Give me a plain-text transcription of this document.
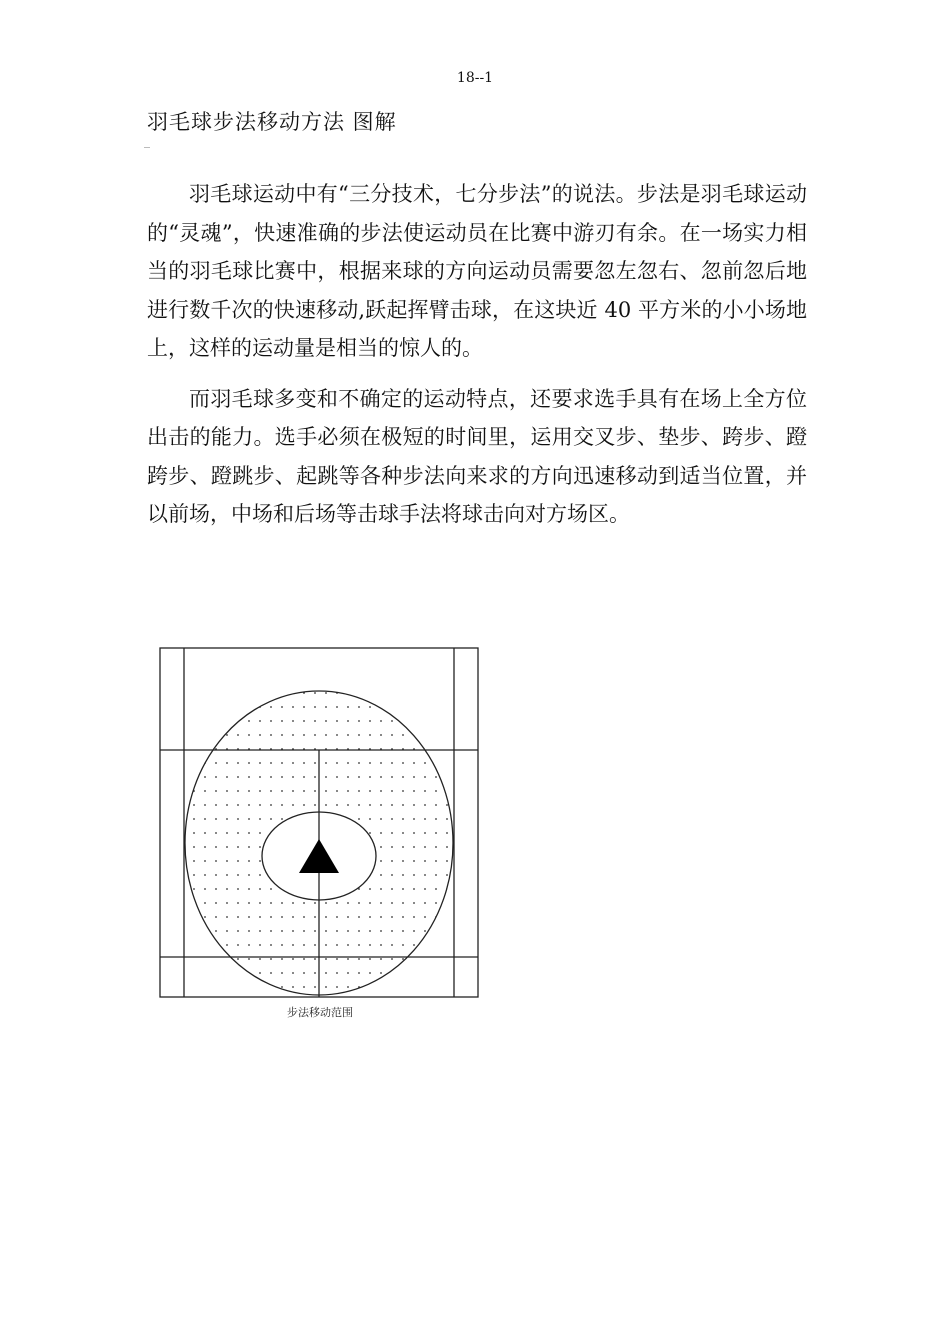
18--1
羽毛球步法移动方法 图解

羽毛球运动中有“三分技术，七分步法”的说法。步法是羽毛球运动的“灵魂”，快速准确的步法使运动员在比赛中游刃有余。在一场实力相当的羽毛球比赛中，根据来球的方向运动员需要忽左忽右、忽前忽后地进行数千次的快速移动,跃起挥臂击球，在这块近 40 平方米的小小场地上，这样的运动量是相当的惊人的。

而羽毛球多变和不确定的运动特点，还要求选手具有在场上全方位出击的能力。选手必须在极短的时间里，运用交叉步、垫步、跨步、蹬跨步、蹬跳步、起跳等各种步法向来求的方向迅速移动到适当位置，并以前场，中场和后场等击球手法将球击向对方场区。

步法移动范围
